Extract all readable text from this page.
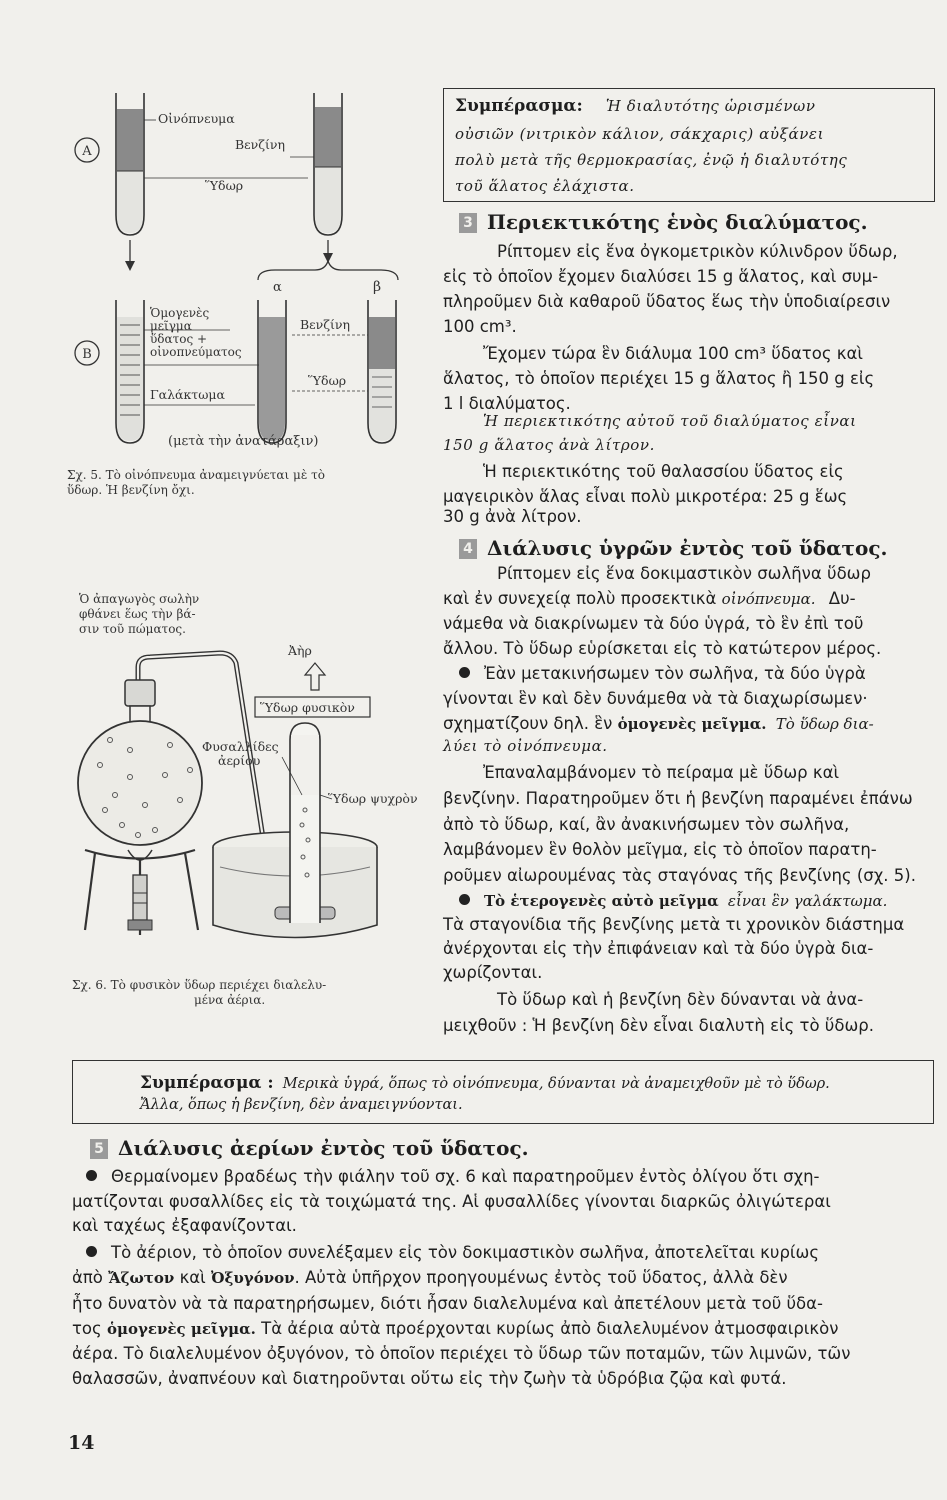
A
Οἰνόπνευμα
Βενζίνη
Ὕδωρ
α	β
B
Ὁμογενὲς μεῖγμα ὕδατος + οἰνοπνεύματος
Γαλάκτωμα
Βενζίνη
Ὕδωρ
(μετὰ τὴν ἀνατάραξιν)
Σχ. 5. Τὸ οἰνόπνευμα ἀναμειγνύεται μὲ τὸ
ὕδωρ. Ἡ βενζίνη ὄχι.
Ὁ ἀπαγωγὸς σωλὴν
φθάνει ἕως τὴν βά-
σιν τοῦ πώματος.
Ἀὴρ
Ὕδωρ φυσικὸν
Φυσαλλίδες ἀερίου
Ὕδωρ ψυχρὸν
Σχ. 6. Τὸ φυσικὸν ὕδωρ περιέχει διαλελυ-
μένα ἀέρια.
Συμπέρασμα: Ἡ διαλυτότης ὡρισμένων
οὐσιῶν (νιτρικὸν κάλιον, σάκχαρις) αὐξάνει
πολὺ μετὰ τῆς θερμοκρασίας, ἐνῷ ἡ διαλυτότης
τοῦ ἅλατος ἐλάχιστα.
3 Περιεκτικότης ἑνὸς διαλύματος.
Ρίπτομεν εἰς ἕνα ὀγκομετρικὸν κύλινδρον ὕδωρ,
εἰς τὸ ὁποῖον ἔχομεν διαλύσει 15 g ἅλατος, καὶ συμ-
πληροῦμεν διὰ καθαροῦ ὕδατος ἕως τὴν ὑποδιαίρεσιν
100 cm³.
Ἔχομεν τώρα ἓν διάλυμα 100 cm³ ὕδατος καὶ
ἅλατος, τὸ ὁποῖον περιέχει 15 g ἅλατος ἢ 150 g εἰς
1 l διαλύματος.
Ἡ περιεκτικότης αὐτοῦ τοῦ διαλύματος εἶναι
150 g ἅλατος ἀνὰ λίτρον.
Ἡ περιεκτικότης τοῦ θαλασσίου ὕδατος εἰς
μαγειρικὸν ἅλας εἶναι πολὺ μικροτέρα: 25 g ἕως
30 g ἀνὰ λίτρον.
4 Διάλυσις ὑγρῶν ἐντὸς τοῦ ὕδατος.
Ρίπτομεν εἰς ἕνα δοκιμαστικὸν σωλῆνα ὕδωρ
καὶ ἐν συνεχείᾳ πολὺ προσεκτικὰ οἰνόπνευμα. Δυ-
νάμεθα νὰ διακρίνωμεν τὰ δύο ὑγρά, τὸ ἓν ἐπὶ τοῦ
ἄλλου. Τὸ ὕδωρ εὑρίσκεται εἰς τὸ κατώτερον μέρος.
Ἐὰν μετακινήσωμεν τὸν σωλῆνα, τὰ δύο ὑγρὰ
γίνονται ἓν καὶ δὲν δυνάμεθα νὰ τὰ διαχωρίσωμεν·
σχηματίζουν δηλ. ἓν ὁμογενὲς μεῖγμα. Τὸ ὕδωρ δια-
λύει τὸ οἰνόπνευμα.
Ἐπαναλαμβάνομεν τὸ πείραμα μὲ ὕδωρ καὶ
βενζίνην. Παρατηροῦμεν ὅτι ἡ βενζίνη παραμένει ἐπάνω
ἀπὸ τὸ ὕδωρ, καί, ἂν ἀνακινήσωμεν τὸν σωλῆνα,
λαμβάνομεν ἓν θολὸν μεῖγμα, εἰς τὸ ὁποῖον παρατη-
ροῦμεν αἰωρουμένας τὰς σταγόνας τῆς βενζίνης (σχ. 5).
Τὸ ἑτερογενὲς αὐτὸ μεῖγμα εἶναι ἓν γαλάκτωμα.
Τὰ σταγονίδια τῆς βενζίνης μετὰ τι χρονικὸν διάστημα
ἀνέρχονται εἰς τὴν ἐπιφάνειαν καὶ τὰ δύο ὑγρὰ δια-
χωρίζονται.
Τὸ ὕδωρ καὶ ἡ βενζίνη δὲν δύνανται νὰ ἀνα-
μειχθοῦν : Ἡ βενζίνη δὲν εἶναι διαλυτὴ εἰς τὸ ὕδωρ.
Συμπέρασμα : Μερικὰ ὑγρά, ὅπως τὸ οἰνόπνευμα, δύνανται νὰ ἀναμειχθοῦν μὲ τὸ ὕδωρ.
Ἄλλα, ὅπως ἡ βενζίνη, δὲν ἀναμειγνύονται.
5 Διάλυσις ἀερίων ἐντὸς τοῦ ὕδατος.
Θερμαίνομεν βραδέως τὴν φιάλην τοῦ σχ. 6 καὶ παρατηροῦμεν ἐντὸς ὀλίγου ὅτι σχη-
ματίζονται φυσαλλίδες εἰς τὰ τοιχώματά της. Αἱ φυσαλλίδες γίνονται διαρκῶς ὀλιγώτεραι
καὶ ταχέως ἐξαφανίζονται.
Τὸ ἀέριον, τὸ ὁποῖον συνελέξαμεν εἰς τὸν δοκιμαστικὸν σωλῆνα, ἀποτελεῖται κυρίως
ἀπὸ Ἄζωτον καὶ Ὀξυγόνον. Αὐτὰ ὑπῆρχον προηγουμένως ἐντὸς τοῦ ὕδατος, ἀλλὰ δὲν
ἦτο δυνατὸν νὰ τὰ παρατηρήσωμεν, διότι ἦσαν διαλελυμένα καὶ ἀπετέλουν μετὰ τοῦ ὕδα-
τος ὁμογενὲς μεῖγμα. Τὰ ἀέρια αὐτὰ προέρχονται κυρίως ἀπὸ διαλελυμένον ἀτμοσφαιρικὸν
ἀέρα. Τὸ διαλελυμένον ὀξυγόνον, τὸ ὁποῖον περιέχει τὸ ὕδωρ τῶν ποταμῶν, τῶν λιμνῶν, τῶν
θαλασσῶν, ἀναπνέουν καὶ διατηροῦνται οὕτω εἰς τὴν ζωὴν τὰ ὑδρόβια ζῷα καὶ φυτά.
14
